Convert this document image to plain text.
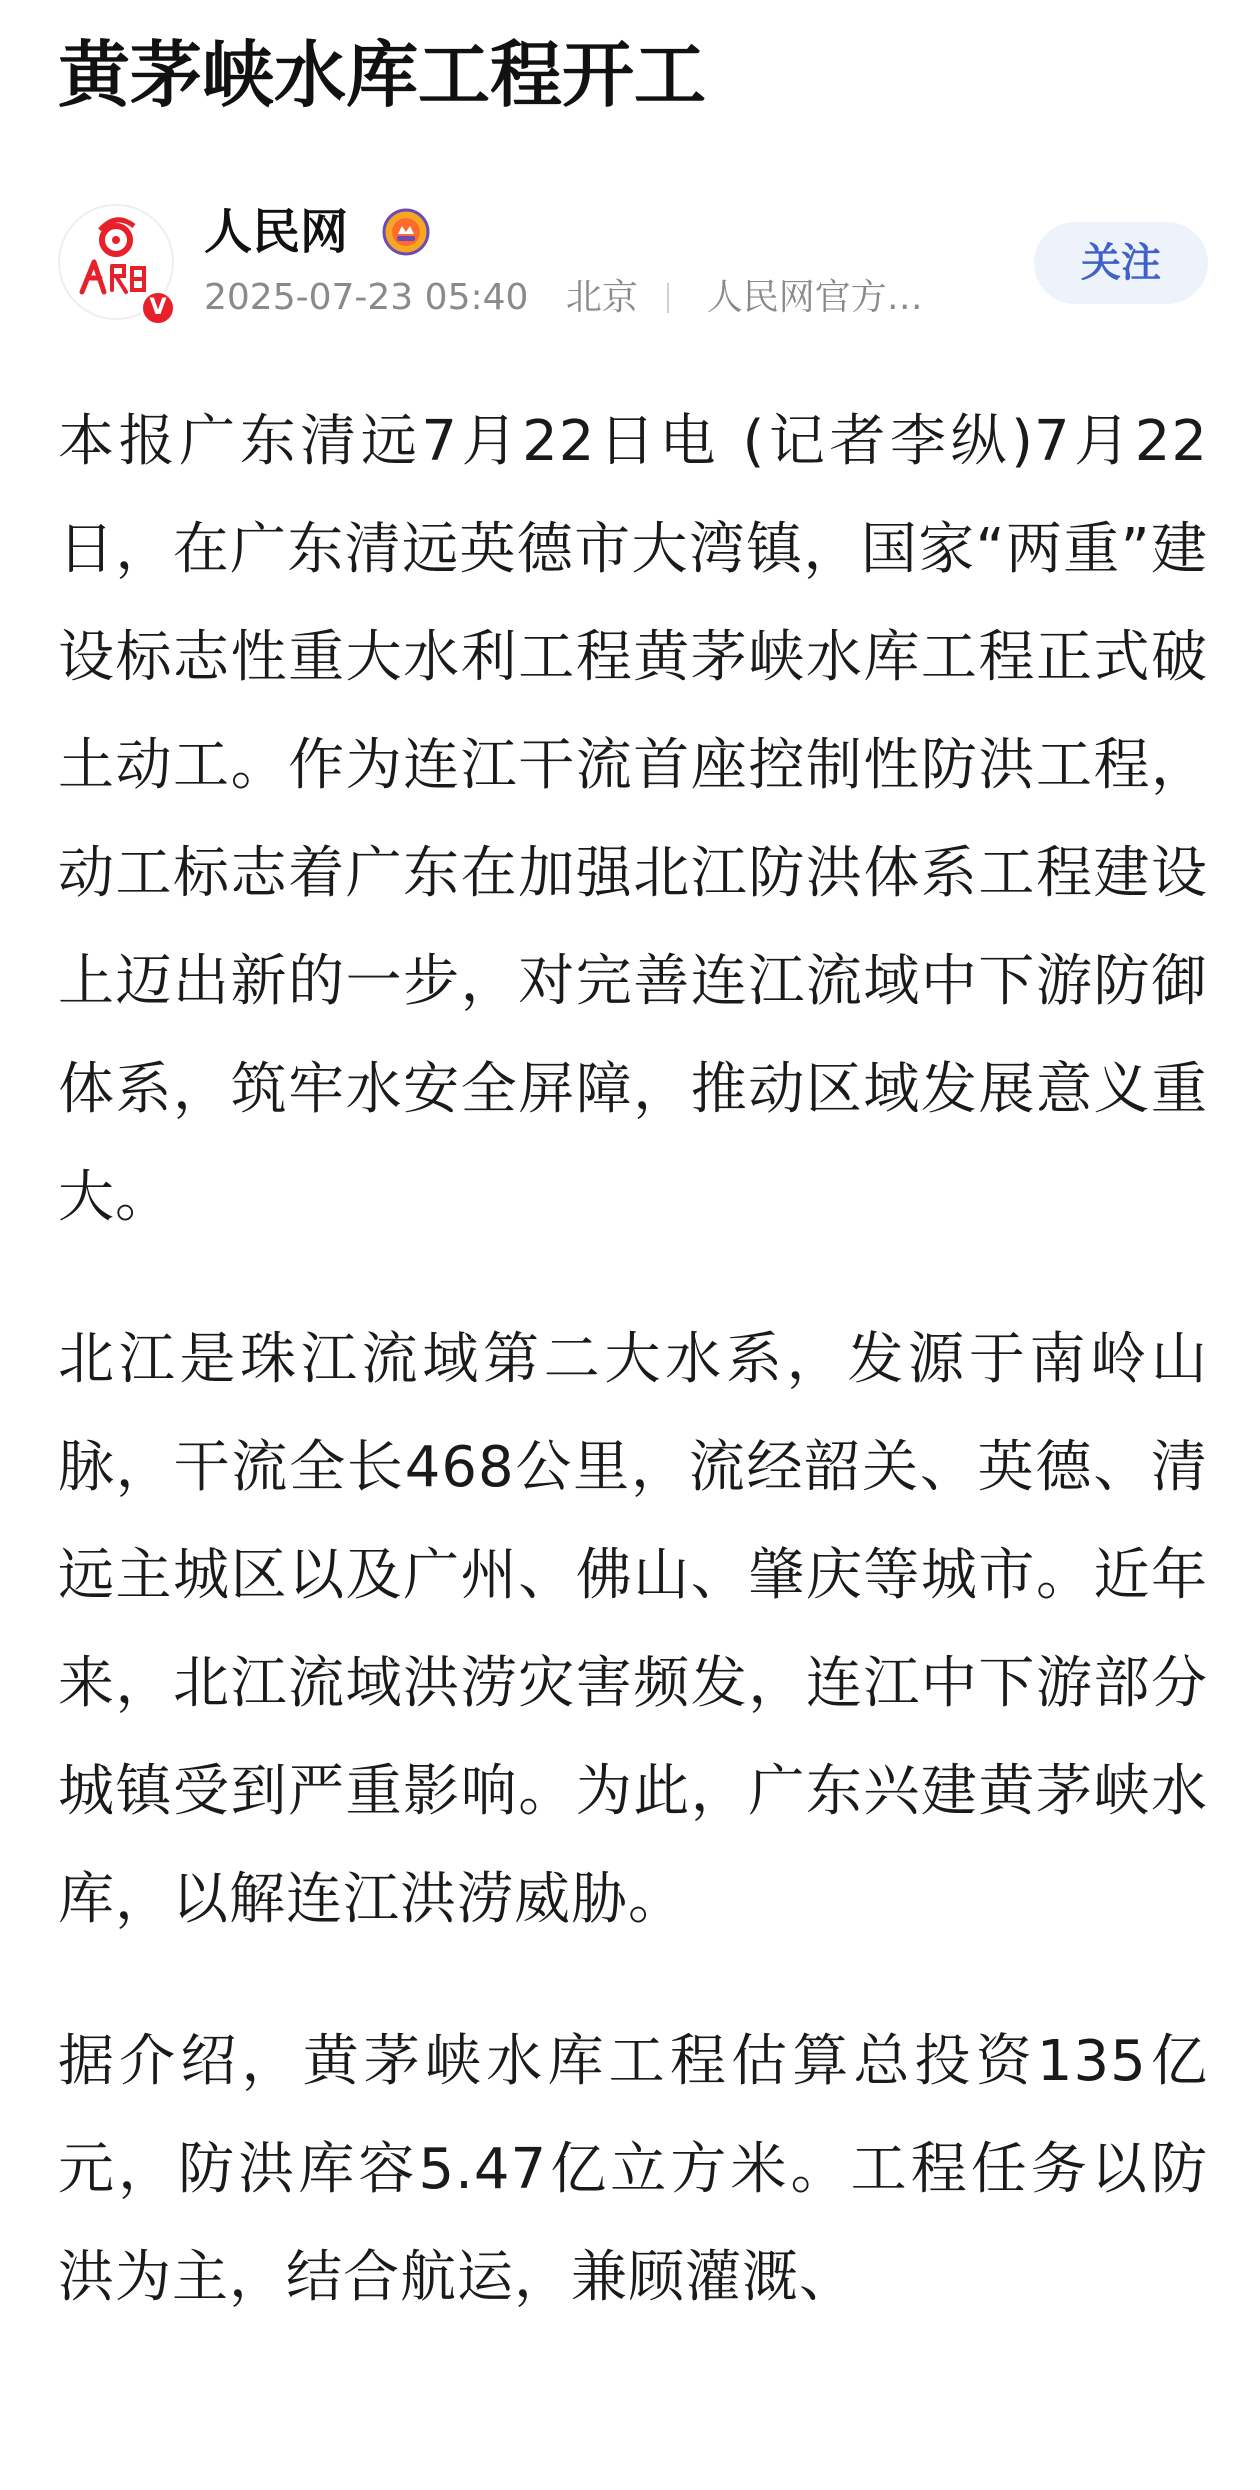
黄茅峡水库工程开工
V
人民网
2025-07-23 05:40 北京 人民网官方…
关注

本报广东清远7月22日电 (记者李纵)7月22日，在广东清远英德市大湾镇，国家“两重”建设标志性重大水利工程黄茅峡水库工程正式破土动工。作为连江干流首座控制性防洪工程，动工标志着广东在加强北江防洪体系工程建设上迈出新的一步，对完善连江流域中下游防御体系，筑牢水安全屏障，推动区域发展意义重大。

北江是珠江流域第二大水系，发源于南岭山脉，干流全长468公里，流经韶关、英德、清远主城区以及广州、佛山、肇庆等城市。近年来，北江流域洪涝灾害频发，连江中下游部分城镇受到严重影响。为此，广东兴建黄茅峡水库，以解连江洪涝威胁。

据介绍，黄茅峡水库工程估算总投资135亿元，防洪库容5.47亿立方米。工程任务以防洪为主，结合航运，兼顾灌溉、
